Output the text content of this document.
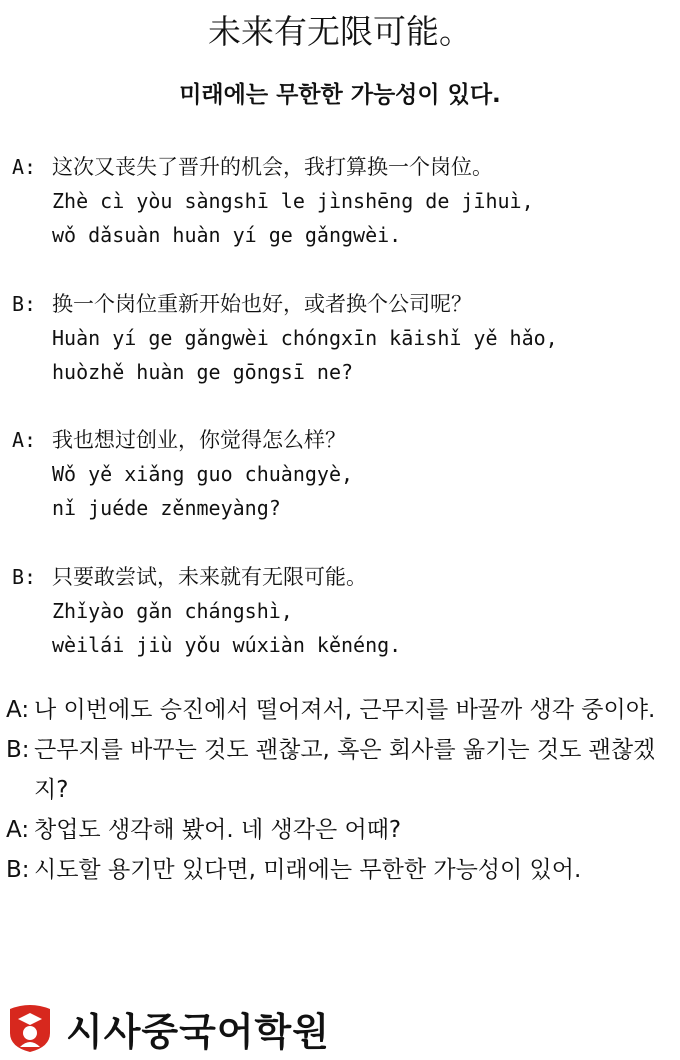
未来有无限可能。
미래에는 무한한 가능성이 있다.
A: 这次又丧失了晋升的机会，我打算换一个岗位。
Zhè cì yòu sàngshī le jìnshēng de jīhuì,
wǒ dǎsuàn huàn yí ge gǎngwèi.
B: 换一个岗位重新开始也好，或者换个公司呢？
Huàn yí ge gǎngwèi chóngxīn kāishǐ yě hǎo,
huòzhě huàn ge gōngsī ne?
A: 我也想过创业，你觉得怎么样？
Wǒ yě xiǎng guo chuàngyè,
nǐ juéde zěnmeyàng?
B: 只要敢尝试，未来就有无限可能。
Zhǐyào gǎn chángshì,
wèilái jiù yǒu wúxiàn kěnéng.
A: 나 이번에도 승진에서 떨어져서, 근무지를 바꿀까 생각 중이야.
B: 근무지를 바꾸는 것도 괜찮고, 혹은 회사를 옮기는 것도 괜찮겠지?
A: 창업도 생각해 봤어. 네 생각은 어때?
B: 시도할 용기만 있다면, 미래에는 무한한 가능성이 있어.
시사중국어학원
